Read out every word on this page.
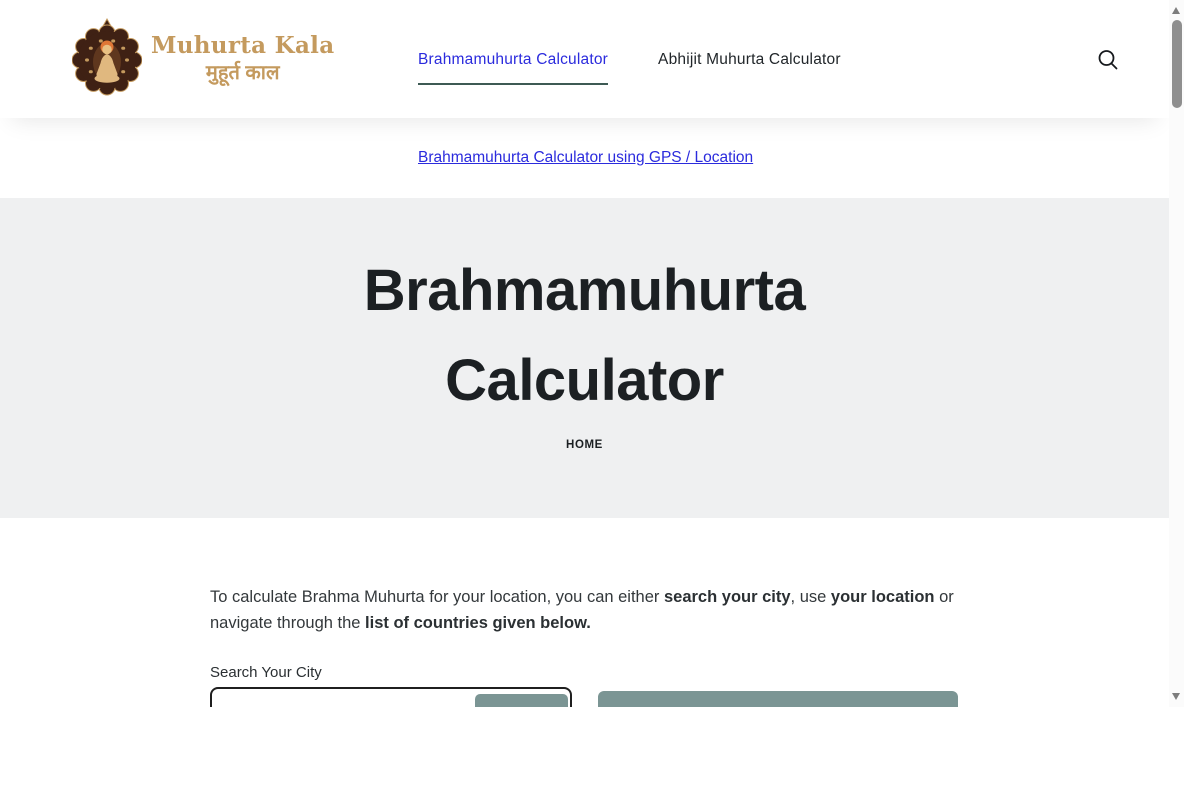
Muhurta Kala
मुहूर्त काल
Brahmamuhurta Calculator	Abhijit Muhurta Calculator
Brahmamuhurta Calculator using GPS / Location
Brahmamuhurta Calculator
HOME

To calculate Brahma Muhurta for your location, you can either search your city, use your location or navigate through the list of countries given below.

Search Your City
